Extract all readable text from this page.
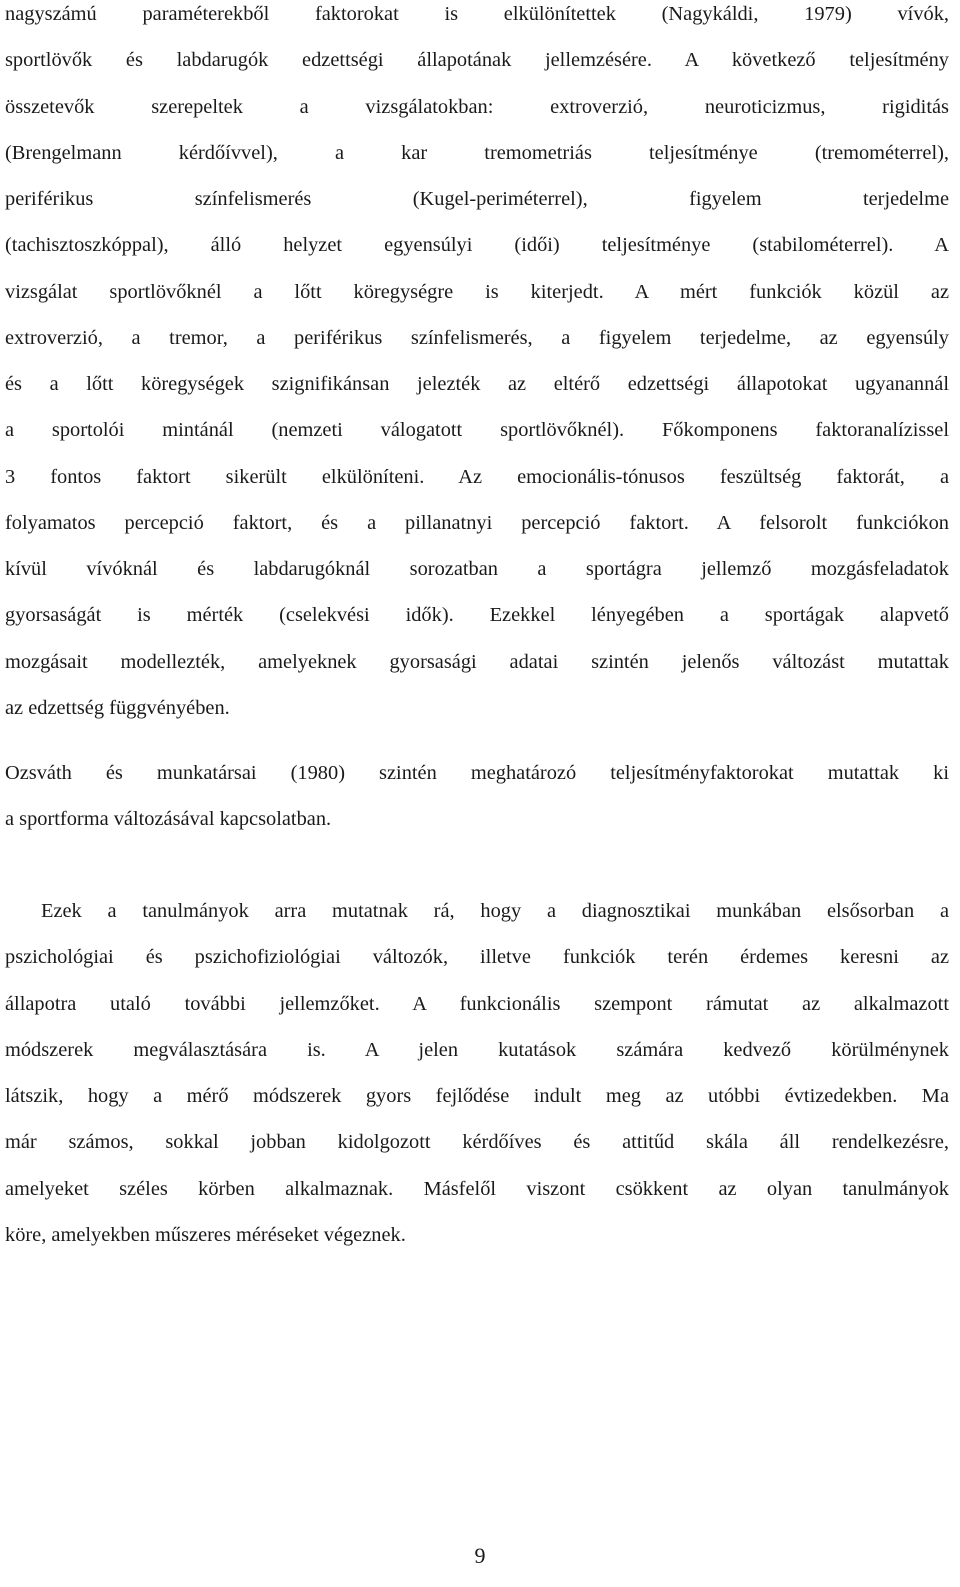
nagyszámú paraméterekből faktorokat is elkülönítettek (Nagykáldi, 1979) vívók,
sportlövők és labdarugók edzettségi állapotának jellemzésére. A következő teljesítmény
összetevők szerepeltek a vizsgálatokban: extroverzió, neuroticizmus, rigiditás
(Brengelmann kérdőívvel), a kar tremometriás teljesítménye (tremométerrel),
periférikus színfelismerés (Kugel-periméterrel), figyelem terjedelme
(tachisztoszkóppal), álló helyzet egyensúlyi (idői) teljesítménye (stabilométerrel). A
vizsgálat sportlövőknél a lőtt köregységre is kiterjedt. A mért funkciók közül az
extroverzió, a tremor, a periférikus színfelismerés, a figyelem terjedelme, az egyensúly
és a lőtt köregységek szignifikánsan jelezték az eltérő edzettségi állapotokat ugyanannál
a sportolói mintánál (nemzeti válogatott sportlövőknél). Főkomponens faktoranalízissel
3 fontos faktort sikerült elkülöníteni. Az emocionális-tónusos feszültség faktorát, a
folyamatos percepció faktort, és a pillanatnyi percepció faktort. A felsorolt funkciókon
kívül vívóknál és labdarugóknál sorozatban a sportágra jellemző mozgásfeladatok
gyorsaságát is mérték (cselekvési idők). Ezekkel lényegében a sportágak alapvető
mozgásait modellezték, amelyeknek gyorsasági adatai szintén jelenős változást mutattak
az edzettség függvényében.
Ozsváth és munkatársai (1980) szintén meghatározó teljesítményfaktorokat mutattak ki
a sportforma változásával kapcsolatban.
Ezek a tanulmányok arra mutatnak rá, hogy a diagnosztikai munkában elsősorban a
pszichológiai és pszichofiziológiai változók, illetve funkciók terén érdemes keresni az
állapotra utaló további jellemzőket. A funkcionális szempont rámutat az alkalmazott
módszerek megválasztására is. A jelen kutatások számára kedvező körülménynek
látszik, hogy a mérő módszerek gyors fejlődése indult meg az utóbbi évtizedekben. Ma
már számos, sokkal jobban kidolgozott kérdőíves és attitűd skála áll rendelkezésre,
amelyeket széles körben alkalmaznak. Másfelől viszont csökkent az olyan tanulmányok
köre, amelyekben műszeres méréseket végeznek.
9
